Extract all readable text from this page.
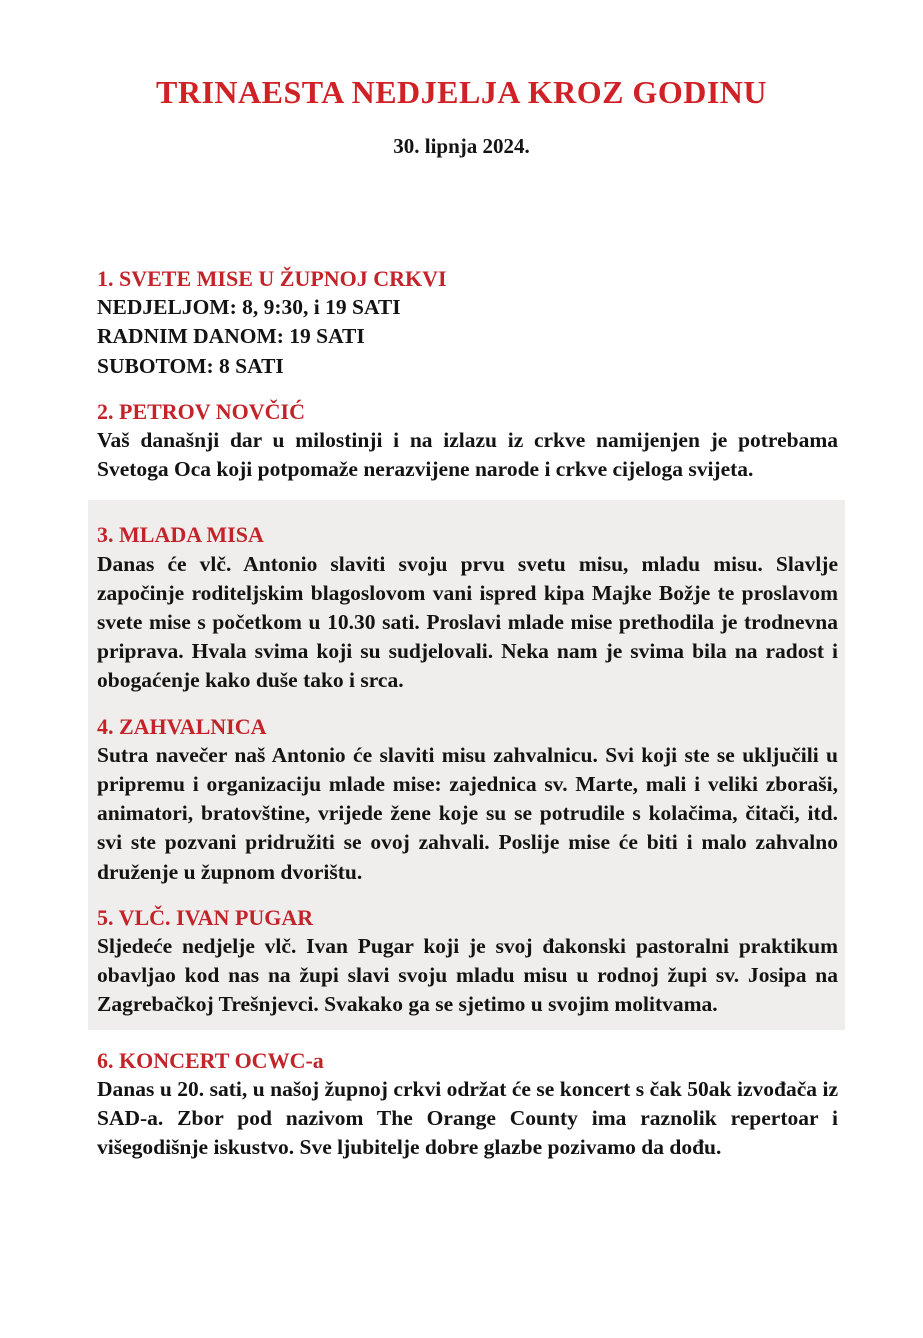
TRINAESTA NEDJELJA KROZ GODINU
30. lipnja 2024.
1. SVETE MISE U ŽUPNOJ CRKVI
NEDJELJOM: 8, 9:30, i 19 SATI
RADNIM DANOM: 19 SATI
SUBOTOM: 8 SATI
2. PETROV NOVČIĆ
Vaš današnji dar u milostinji i na izlazu iz crkve namijenjen je potrebama Svetoga Oca koji potpomaže nerazvijene narode i crkve cijeloga svijeta.
3. MLADA MISA
Danas će vlč. Antonio slaviti svoju prvu svetu misu, mladu misu. Slavlje započinje roditeljskim blagoslovom vani ispred kipa Majke Božje te proslavom svete mise s početkom u 10.30 sati. Proslavi mlade mise prethodila je trodnevna priprava. Hvala svima koji su sudjelovali. Neka nam je svima bila na radost i obogaćenje kako duše tako i srca.
4. ZAHVALNICA
Sutra navečer naš Antonio će slaviti misu zahvalnicu. Svi koji ste se uključili u pripremu i organizaciju mlade mise: zajednica sv. Marte, mali i veliki zboraši, animatori, bratovštine, vrijede žene koje su se potrudile s kolačima, čitači, itd. svi ste pozvani pridružiti se ovoj zahvali. Poslije mise će biti i malo zahvalno druženje u župnom dvorištu.
5. VLČ. IVAN PUGAR
Sljedeće nedjelje vlč. Ivan Pugar koji je svoj đakonski pastoralni praktikum obavljao kod nas na župi slavi svoju mladu misu u rodnoj župi sv. Josipa na Zagrebačkoj Trešnjevci. Svakako ga se sjetimo u svojim molitvama.
6. KONCERT OCWC-a
Danas u 20. sati, u našoj župnoj crkvi održat će se koncert s čak 50ak izvođača iz SAD-a. Zbor pod nazivom The Orange County ima raznolik repertoar i višegodišnje iskustvo. Sve ljubitelje dobre glazbe pozivamo da dođu.
